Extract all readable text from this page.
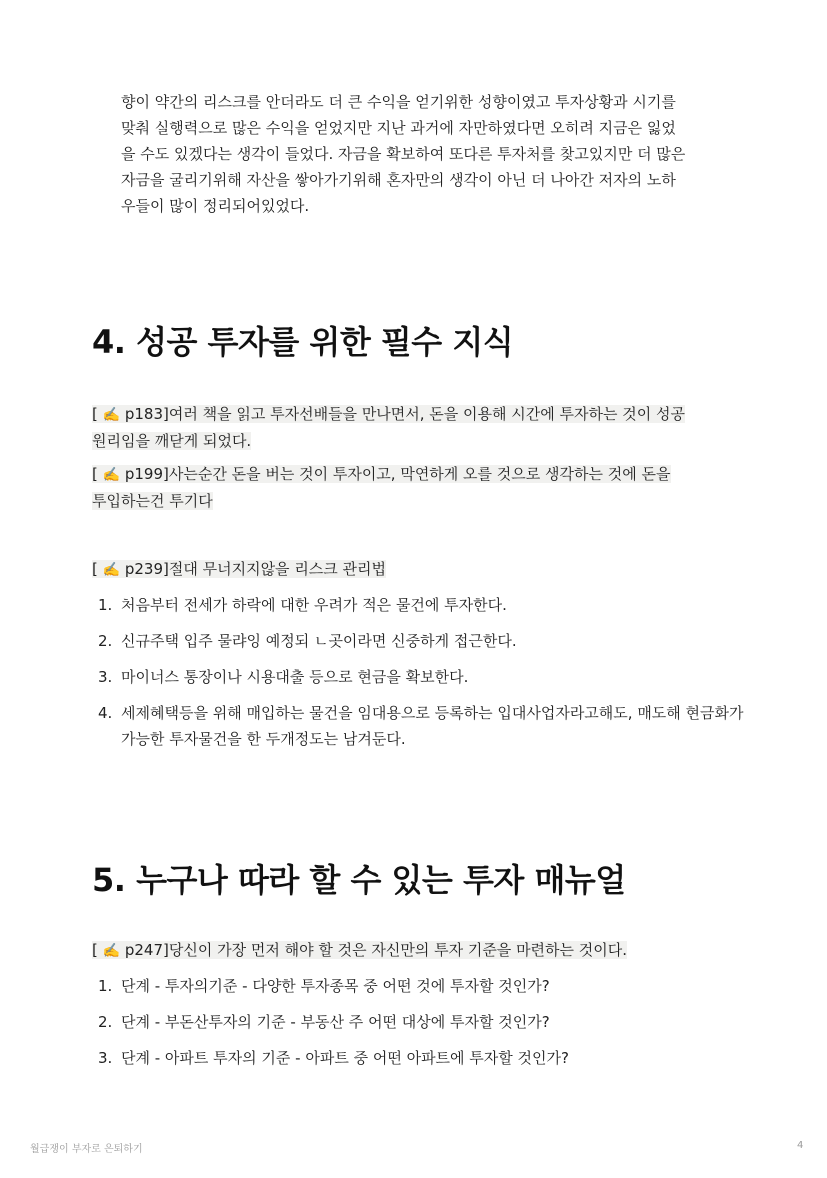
향이 약간의 리스크를 안더라도 더 큰 수익을 얻기위한 성향이였고 투자상황과 시기를

맞춰 실행력으로 많은 수익을 얻었지만 지난 과거에 자만하였다면 오히려 지금은 잃었

을 수도 있겠다는 생각이 들었다. 자금을 확보하여 또다른 투자처를 찾고있지만 더 많은

자금을 굴리기위해 자산을 쌓아가기위해 혼자만의 생각이 아닌 더 나아간 저자의 노하

우들이 많이 정리되어있었다.

4. 성공 투자를 위한 필수 지식
[ ✍️ p183]여러 책을 읽고 투자선배들을 만나면서, 돈을 이용해 시간에 투자하는 것이 성공
원리임을 깨닫게 되었다.
[ ✍️ p199]사는순간 돈을 버는 것이 투자이고, 막연하게 오를 것으로 생각하는 것에 돈을
투입하는건 투기다
[ ✍️ p239]절대 무너지지않을 리스크 관리법
1. 처음부터 전세가 하락에 대한 우려가 적은 물건에 투자한다.
2. 신규주택 입주 물랴잉 예정되 ㄴ곳이라면 신중하게 접근한다.
3. 마이너스 통장이나 시용대출 등으로 현금을 확보한다.
4. 세제혜택등을 위해 매입하는 물건을 임대용으로 등록하는 입대사업자라고해도, 매도해 현금화가 가능한 투자물건을 한 두개정도는 남겨둔다.
5. 누구나 따라 할 수 있는 투자 매뉴얼
[ ✍️ p247]당신이 가장 먼저 해야 할 것은 자신만의 투자 기준을 마련하는 것이다.
1. 단계 - 투자의기준 - 다양한 투자종목 중 어떤 것에 투자할 것인가?
2. 단계 - 부돈산투자의 기준 - 부동산 주 어떤 대상에 투자할 것인가?
3. 단계 - 아파트 투자의 기준 - 아파트 중 어떤 아파트에 투자할 것인가?
월급쟁이 부자로 은퇴하기	4
